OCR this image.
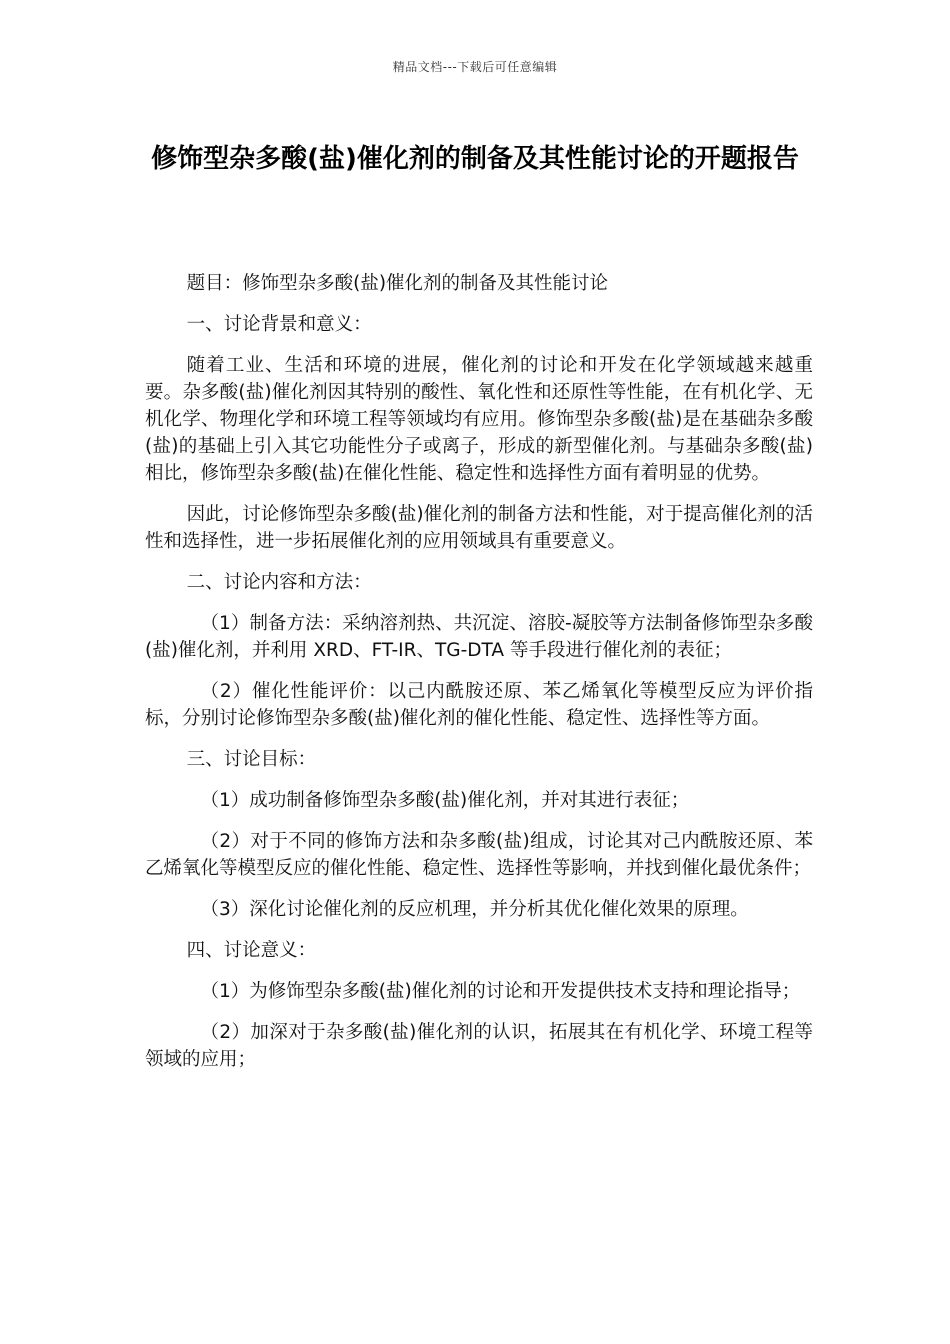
精品文档---下载后可任意编辑
修饰型杂多酸(盐)催化剂的制备及其性能讨论的开题报告

题目：修饰型杂多酸(盐)催化剂的制备及其性能讨论

一、讨论背景和意义：

随着工业、生活和环境的进展，催化剂的讨论和开发在化学领域越来越重要。杂多酸(盐)催化剂因其特别的酸性、氧化性和还原性等性能，在有机化学、无机化学、物理化学和环境工程等领域均有应用。修饰型杂多酸(盐)是在基础杂多酸(盐)的基础上引入其它功能性分子或离子，形成的新型催化剂。与基础杂多酸(盐)相比，修饰型杂多酸(盐)在催化性能、稳定性和选择性方面有着明显的优势。

因此，讨论修饰型杂多酸(盐)催化剂的制备方法和性能，对于提高催化剂的活性和选择性，进一步拓展催化剂的应用领域具有重要意义。

二、讨论内容和方法：

（1）制备方法：采纳溶剂热、共沉淀、溶胶-凝胶等方法制备修饰型杂多酸(盐)催化剂，并利用 XRD、FT-IR、TG-DTA 等手段进行催化剂的表征；

（2）催化性能评价：以己内酰胺还原、苯乙烯氧化等模型反应为评价指标，分别讨论修饰型杂多酸(盐)催化剂的催化性能、稳定性、选择性等方面。

三、讨论目标：

（1）成功制备修饰型杂多酸(盐)催化剂，并对其进行表征；

（2）对于不同的修饰方法和杂多酸(盐)组成，讨论其对己内酰胺还原、苯乙烯氧化等模型反应的催化性能、稳定性、选择性等影响，并找到催化最优条件；

（3）深化讨论催化剂的反应机理，并分析其优化催化效果的原理。

四、讨论意义：

（1）为修饰型杂多酸(盐)催化剂的讨论和开发提供技术支持和理论指导；

（2）加深对于杂多酸(盐)催化剂的认识，拓展其在有机化学、环境工程等领域的应用；
